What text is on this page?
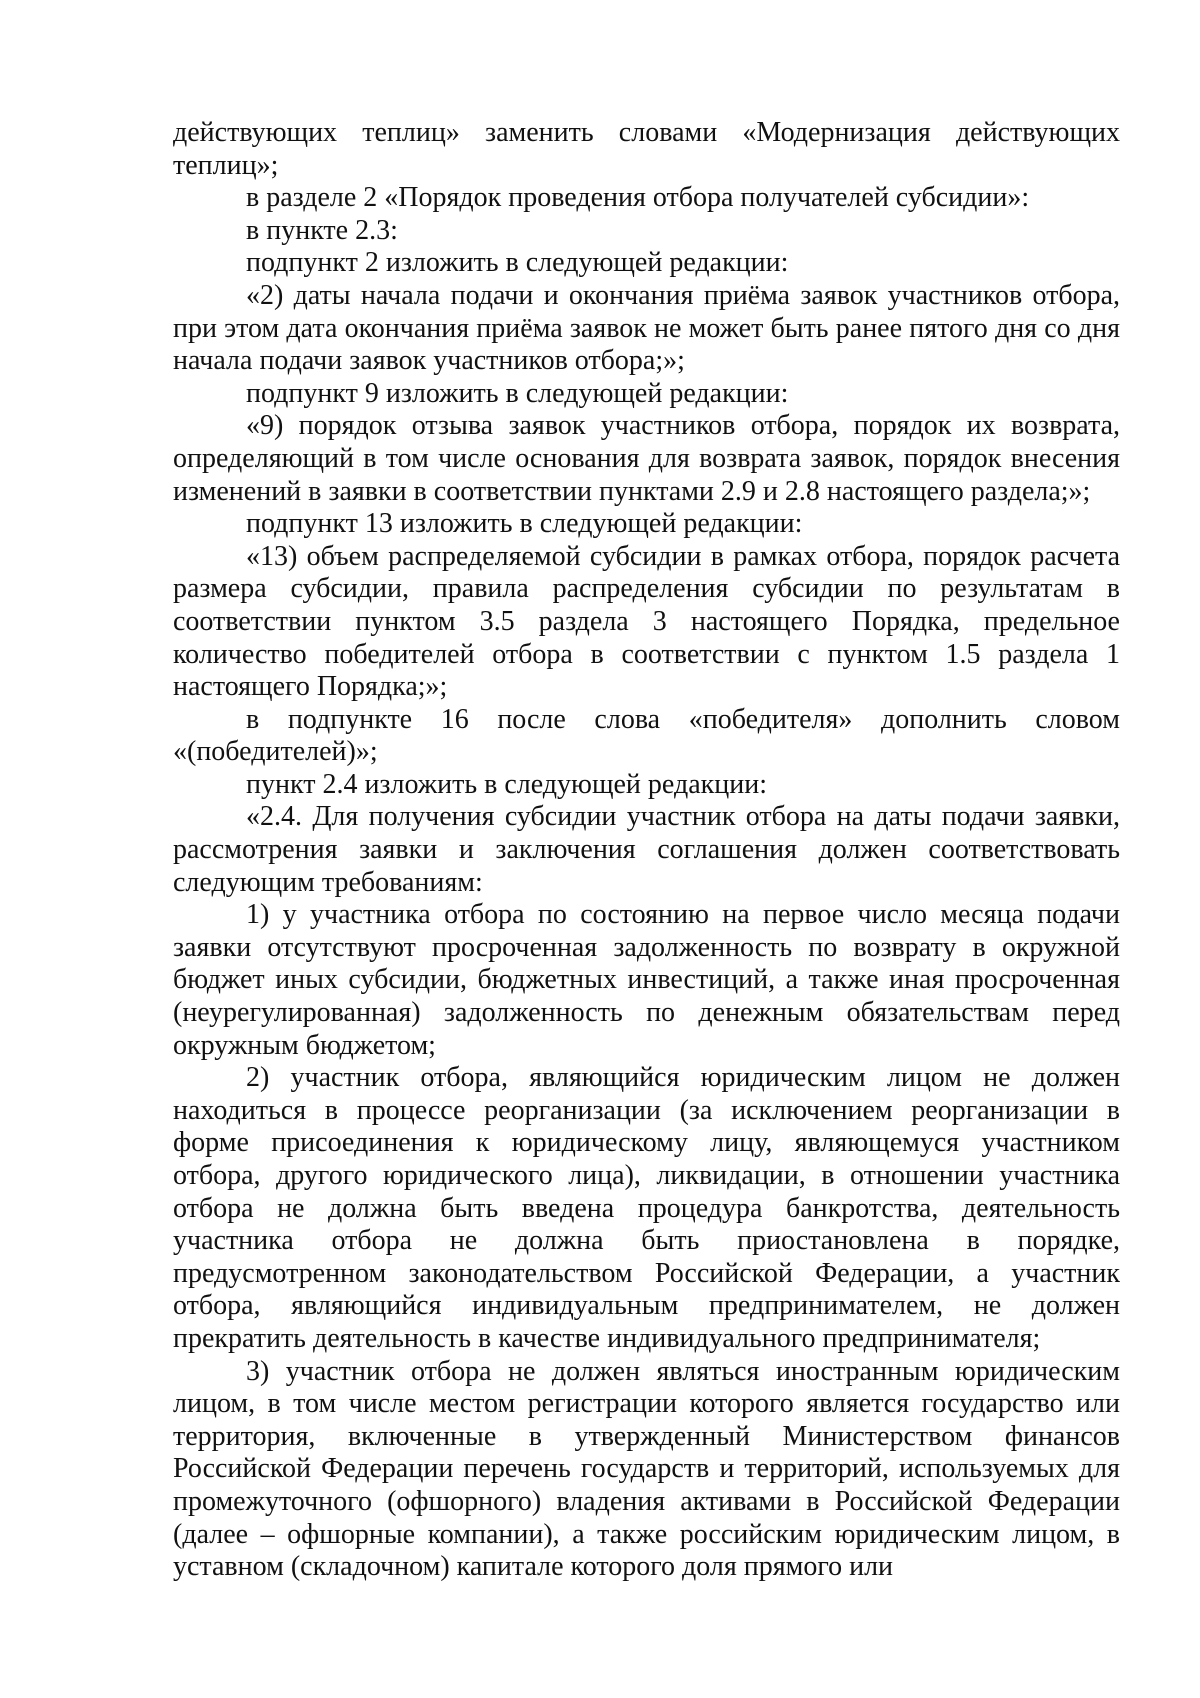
действующих теплиц» заменить словами «Модернизация действующих теплиц»;

в разделе 2 «Порядок проведения отбора получателей субсидии»:

в пункте 2.3:

подпункт 2 изложить в следующей редакции:

«2) даты начала подачи и окончания приёма заявок участников отбора, при этом дата окончания приёма заявок не может быть ранее пятого дня со дня начала подачи заявок участников отбора;»;

подпункт 9 изложить в следующей редакции:

«9) порядок отзыва заявок участников отбора, порядок их возврата, определяющий в том числе основания для возврата заявок, порядок внесения изменений в заявки в соответствии пунктами 2.9 и 2.8 настоящего раздела;»;

подпункт 13 изложить в следующей редакции:

«13) объем распределяемой субсидии в рамках отбора, порядок расчета размера субсидии, правила распределения субсидии по результатам в соответствии пунктом 3.5 раздела 3 настоящего Порядка, предельное количество победителей отбора в соответствии с пунктом 1.5 раздела 1 настоящего Порядка;»;

в подпункте 16 после слова «победителя» дополнить словом «(победителей)»;

пункт 2.4 изложить в следующей редакции:

«2.4. Для получения субсидии участник отбора на даты подачи заявки, рассмотрения заявки и заключения соглашения должен соответствовать следующим требованиям:

1) у участника отбора по состоянию на первое число месяца подачи заявки отсутствуют просроченная задолженность по возврату в окружной бюджет иных субсидии, бюджетных инвестиций, а также иная просроченная (неурегулированная) задолженность по денежным обязательствам перед окружным бюджетом;

2) участник отбора, являющийся юридическим лицом не должен находиться в процессе реорганизации (за исключением реорганизации в форме присоединения к юридическому лицу, являющемуся участником отбора, другого юридического лица), ликвидации, в отношении участника отбора не должна быть введена процедура банкротства, деятельность участника отбора не должна быть приостановлена в порядке, предусмотренном законодательством Российской Федерации, а участник отбора, являющийся индивидуальным предпринимателем, не должен прекратить деятельность в качестве индивидуального предпринимателя;

3) участник отбора не должен являться иностранным юридическим лицом, в том числе местом регистрации которого является государство или территория, включенные в утвержденный Министерством финансов Российской Федерации перечень государств и территорий, используемых для промежуточного (офшорного) владения активами в Российской Федерации (далее – офшорные компании), а также российским юридическим лицом, в уставном (складочном) капитале которого доля прямого или
